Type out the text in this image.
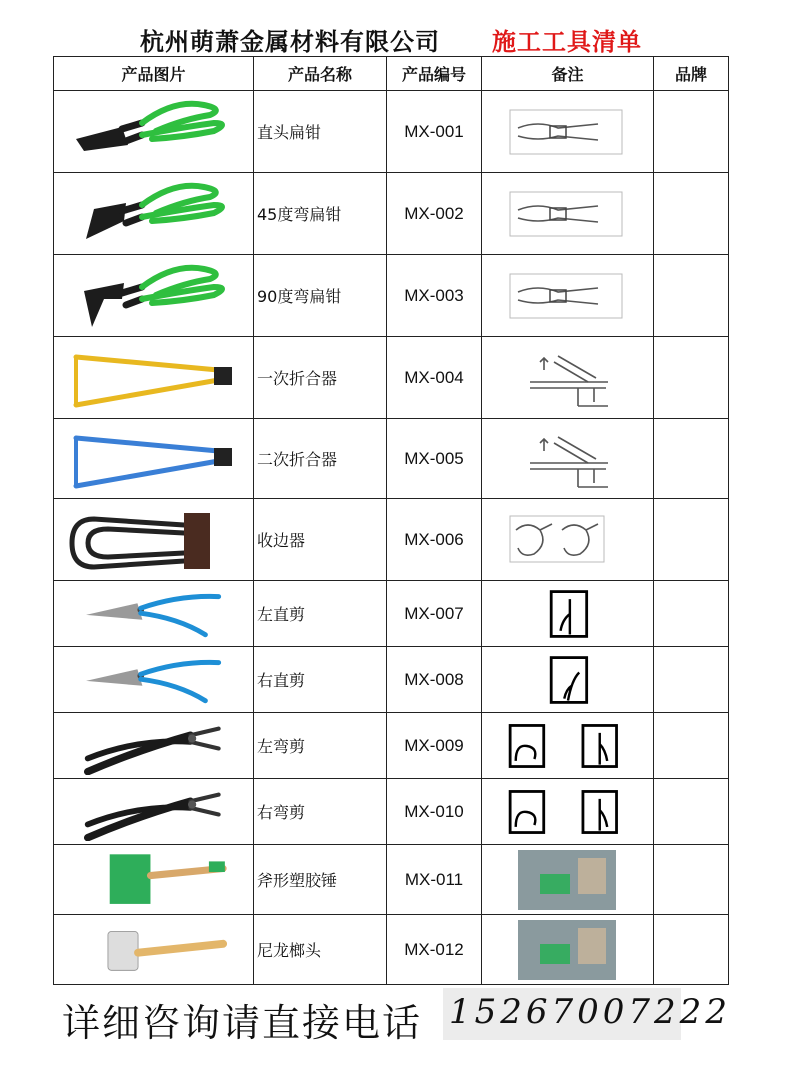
杭州萌萧金属材料有限公司 施工工具清单
产品图片	产品名称	产品编号	备注	品牌

	直头扁钳	MX-001	

	45度弯扁钳	MX-002	

	90度弯扁钳	MX-003	

	一次折合器	MX-004	

	二次折合器	MX-005	

	收边器	MX-006	

	左直剪	MX-007	

	右直剪	MX-008	

	左弯剪	MX-009	

	右弯剪	MX-010	

	斧形塑胶锤	MX-011	

	尼龙榔头	MX-012	

详细咨询请直接电话 15267007222
